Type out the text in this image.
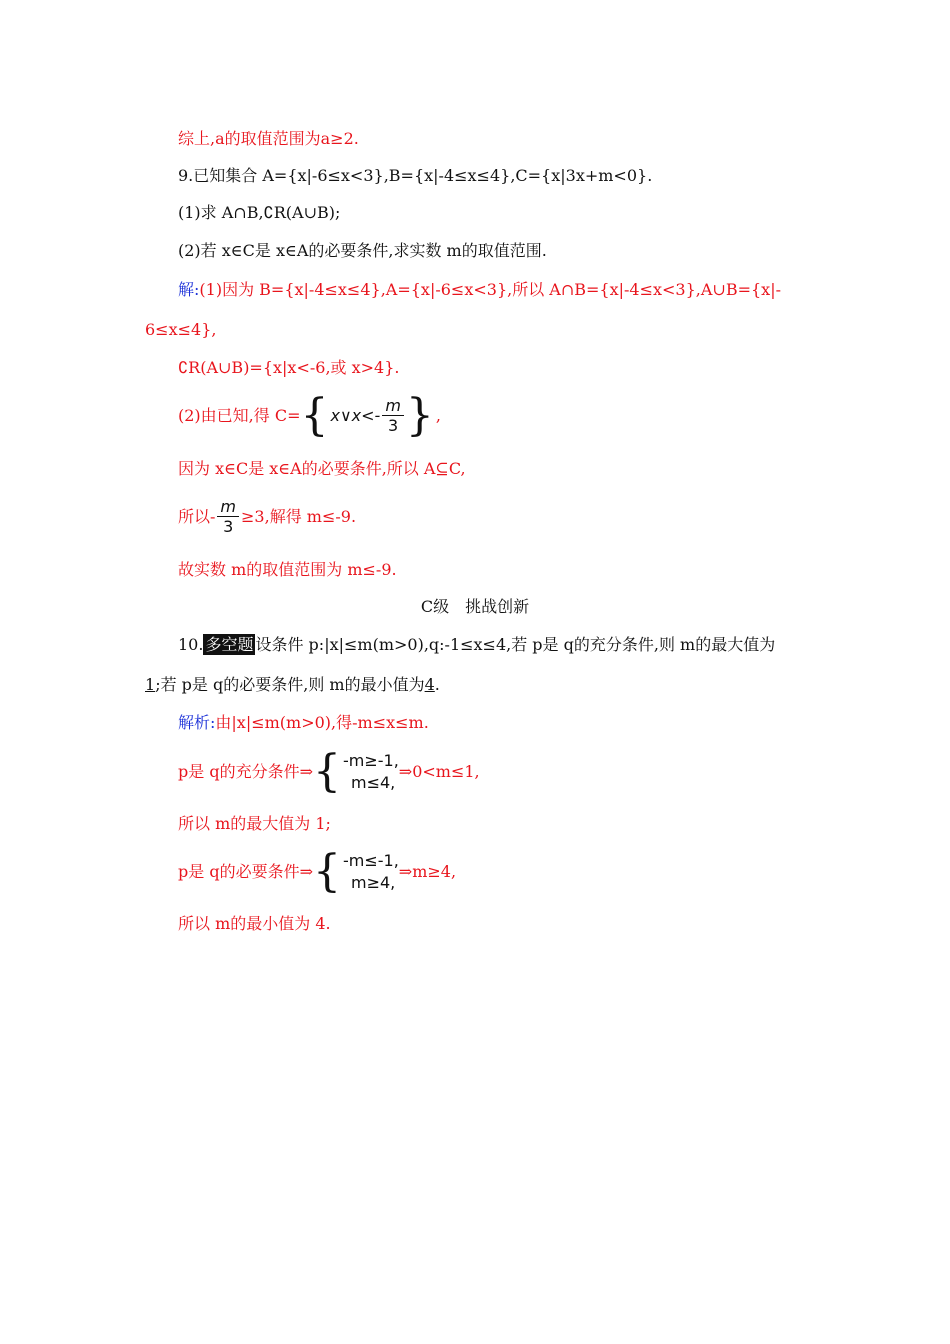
综上,a的取值范围为a≥2.
9.已知集合 A={x|-6≤x<3},B={x|-4≤x≤4},C={x|3x+m<0}.
(1)求 A∩B,∁R(A∪B);
(2)若 x∈C是 x∈A的必要条件,求实数 m的取值范围.
解:(1)因为 B={x|-4≤x≤4},A={x|-6≤x<3},所以 A∩B={x|-4≤x<3},A∪B={x|-
6≤x≤4},
∁R(A∪B)={x|x<-6,或 x>4}.
(2)由已知,得 C= { x∨x<- $\frac{m}{3}$ } ,
因为 x∈C是 x∈A的必要条件,所以 A⊆C,
所以- $\frac{m}{3} \ge 3$,解得 m≤-9.
故实数 m的取值范围为 m≤-9.
C级　挑战创新
10. 多空题 设条件 p:|x|≤m(m>0),q:-1≤x≤4,若 p是 q的充分条件,则 m的最大值为
1;若 p是 q的必要条件,则 m的最小值为4.
解析:由|x|≤m(m>0),得-m≤x≤m.
p是 q的充分条件⇒ { -m≥-1,
m≤4,
⇒0<m≤1,
所以 m的最大值为 1;
p是 q的必要条件⇒ { -m≤-1,
m≥4,
⇒m≥4,
所以 m的最小值为 4.
